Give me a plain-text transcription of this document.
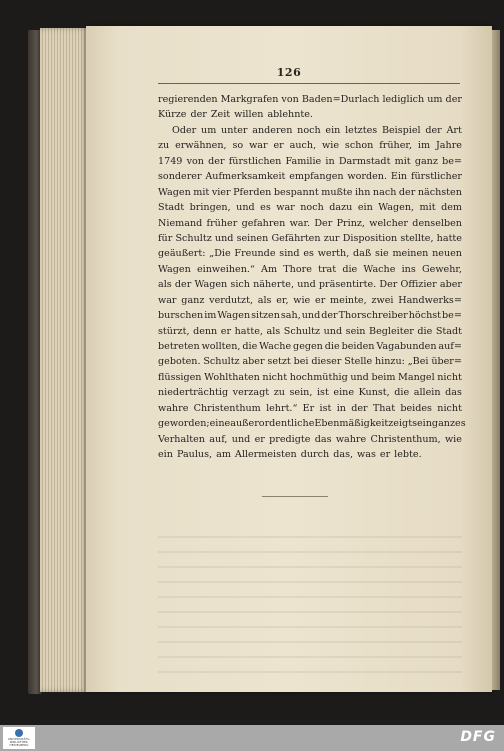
126
regierenden Markgrafen von Baden=Durlach lediglich um der
Kürze der Zeit willen ablehnte.
Oder um unter anderen noch ein letztes Beispiel der Art
zu erwähnen, so war er auch, wie schon früher, im Jahre
1749 von der fürstlichen Familie in Darmstadt mit ganz be=
sonderer Aufmerksamkeit empfangen worden. Ein fürstlicher
Wagen mit vier Pferden bespannt mußte ihn nach der nächsten
Stadt bringen, und es war noch dazu ein Wagen, mit dem
Niemand früher gefahren war. Der Prinz, welcher denselben
für Schultz und seinen Gefährten zur Disposition stellte, hatte
geäußert: „Die Freunde sind es werth, daß sie meinen neuen
Wagen einweihen.“ Am Thore trat die Wache ins Gewehr,
als der Wagen sich näherte, und präsentirte. Der Offizier aber
war ganz verdutzt, als er, wie er meinte, zwei Handwerks=
burschen im Wagen sitzen sah, und der Thorschreiber höchst be=
stürzt, denn er hatte, als Schultz und sein Begleiter die Stadt
betreten wollten, die Wache gegen die beiden Vagabunden auf=
geboten. Schultz aber setzt bei dieser Stelle hinzu: „Bei über=
flüssigen Wohlthaten nicht hochmüthig und beim Mangel nicht
niederträchtig verzagt zu sein, ist eine Kunst, die allein das
wahre Christenthum lehrt.“ Er ist in der That beides nicht
geworden; eine außerordentliche Ebenmäßigkeit zeigt sein ganzes
Verhalten auf, und er predigte das wahre Christenthum, wie
ein Paulus, am Allermeisten durch das, was er lebte.
UNIVERSITÄTS- BIBLIOTHEK HEIDELBERG	DFG
